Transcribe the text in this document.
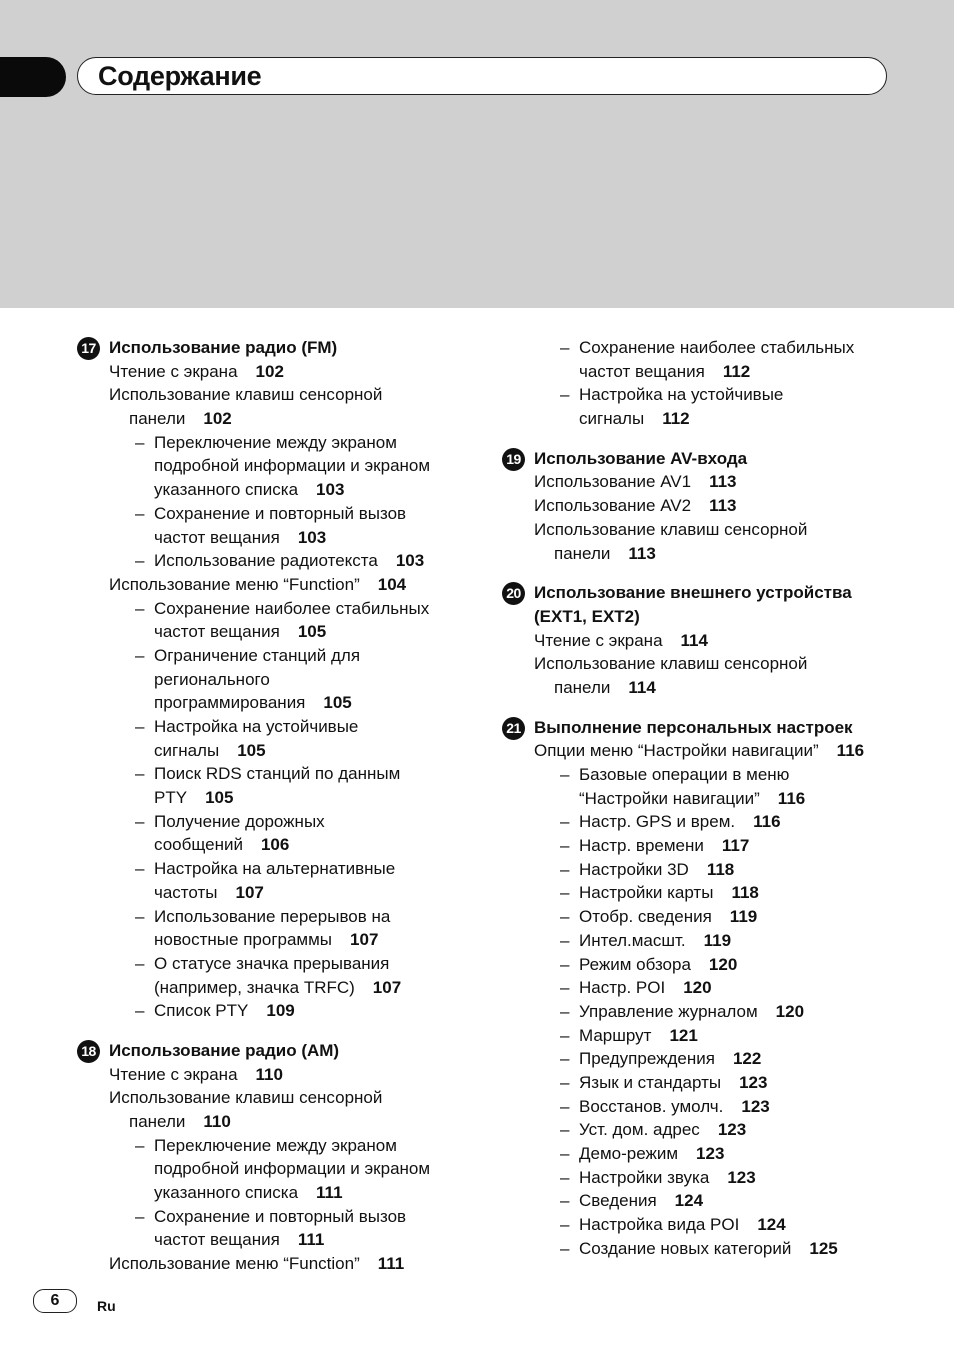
Содержание
17 Использование радио (FM)
Чтение с экрана 102
Использование клавиш сенсорной
панели 102
– Переключение между экраном
подробной информации и экраном
указанного списка 103
– Сохранение и повторный вызов
частот вещания 103
– Использование радиотекста 103
Использование меню “Function” 104
– Сохранение наиболее стабильных
частот вещания 105
– Ограничение станций для
регионального
программирования 105
– Настройка на устойчивые
сигналы 105
– Поиск RDS станций по данным
PTY 105
– Получение дорожных
сообщений 106
– Настройка на альтернативные
частоты 107
– Использование перерывов на
новостные программы 107
– О статусе значка прерывания
(например, значка TRFC) 107
– Список PTY 109
18 Использование радио (AM)
Чтение с экрана 110
Использование клавиш сенсорной
панели 110
– Переключение между экраном
подробной информации и экраном
указанного списка 111
– Сохранение и повторный вызов
частот вещания 111
Использование меню “Function” 111
– Сохранение наиболее стабильных
частот вещания 112
– Настройка на устойчивые
сигналы 112
19 Использование AV-входа
Использование AV1 113
Использование AV2 113
Использование клавиш сенсорной
панели 113
20 Использование внешнего устройства
(EXT1, EXT2)
Чтение с экрана 114
Использование клавиш сенсорной
панели 114
21 Выполнение персональных настроек
Опции меню “Настройки навигации” 116
– Базовые операции в меню
“Настройки навигации” 116
– Настр. GPS и врем. 116
– Настр. времени 117
– Настройки 3D 118
– Настройки карты 118
– Отобр. сведения 119
– Интел.масшт. 119
– Режим обзора 120
– Настр. POI 120
– Управление журналом 120
– Маршрут 121
– Предупреждения 122
– Язык и стандарты 123
– Восстанов. умолч. 123
– Уст. дом. адрес 123
– Демо-режим 123
– Настройки звука 123
– Сведения 124
– Настройка вида POI 124
– Создание новых категорий 125
6	Ru
